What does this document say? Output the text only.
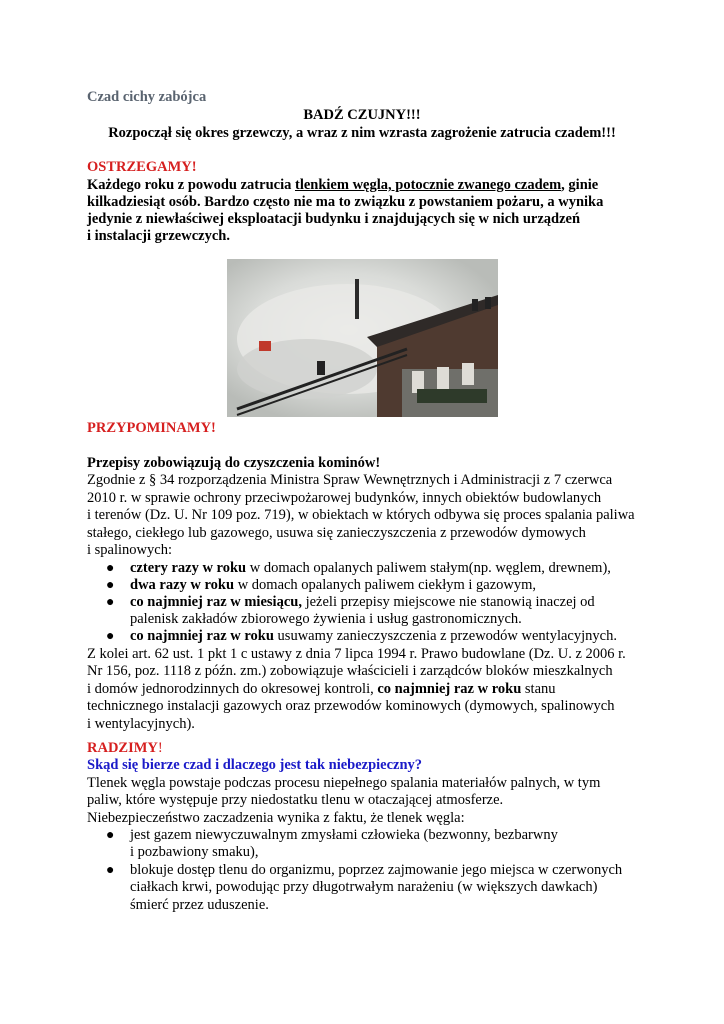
Czad cichy zabójca

BADŹ CZUJNY!!!

Rozpoczął się okres grzewczy, a wraz z nim wzrasta zagrożenie zatrucia czadem!!!

OSTRZEGAMY!

Każdego roku z powodu zatrucia tlenkiem węgla, potocznie zwanego czadem, ginie

kilkadziesiąt osób. Bardzo często nie ma to związku z powstaniem pożaru, a wynika

jedynie z niewłaściwej eksploatacji budynku i znajdujących się w nich urządzeń

i instalacji grzewczych.

PRZYPOMINAMY!

Przepisy zobowiązują do czyszczenia kominów!

Zgodnie z § 34 rozporządzenia Ministra Spraw Wewnętrznych i Administracji z 7 czerwca

2010 r. w sprawie ochrony przeciwpożarowej budynków, innych obiektów budowlanych

i terenów (Dz. U. Nr 109 poz. 719), w obiektach w których odbywa się proces spalania paliwa

stałego, ciekłego lub gazowego, usuwa się zanieczyszczenia z przewodów dymowych

i spalinowych:

● cztery razy w roku w domach opalanych paliwem stałym(np. węglem, drewnem),

● dwa razy w roku w domach opalanych paliwem ciekłym i gazowym,

● co najmniej raz w miesiącu, jeżeli przepisy miejscowe nie stanowią inaczej od

palenisk zakładów zbiorowego żywienia i usług gastronomicznych.

● co najmniej raz w roku usuwamy zanieczyszczenia z przewodów wentylacyjnych.

Z kolei art. 62 ust. 1 pkt 1 c ustawy z dnia 7 lipca 1994 r. Prawo budowlane (Dz. U. z 2006 r.

Nr 156, poz. 1118 z późn. zm.) zobowiązuje właścicieli i zarządców bloków mieszkalnych

i domów jednorodzinnych do okresowej kontroli, co najmniej raz w roku stanu

technicznego instalacji gazowych oraz przewodów kominowych (dymowych, spalinowych

i wentylacyjnych).

RADZIMY!

Skąd się bierze czad i dlaczego jest tak niebezpieczny?

Tlenek węgla powstaje podczas procesu niepełnego spalania materiałów palnych, w tym

paliw, które występuje przy niedostatku tlenu w otaczającej atmosferze.

Niebezpieczeństwo zaczadzenia wynika z faktu, że tlenek węgla:

● jest gazem niewyczuwalnym zmysłami człowieka (bezwonny, bezbarwny

i pozbawiony smaku),

● blokuje dostęp tlenu do organizmu, poprzez zajmowanie jego miejsca w czerwonych

ciałkach krwi, powodując przy długotrwałym narażeniu (w większych dawkach)

śmierć przez uduszenie.
